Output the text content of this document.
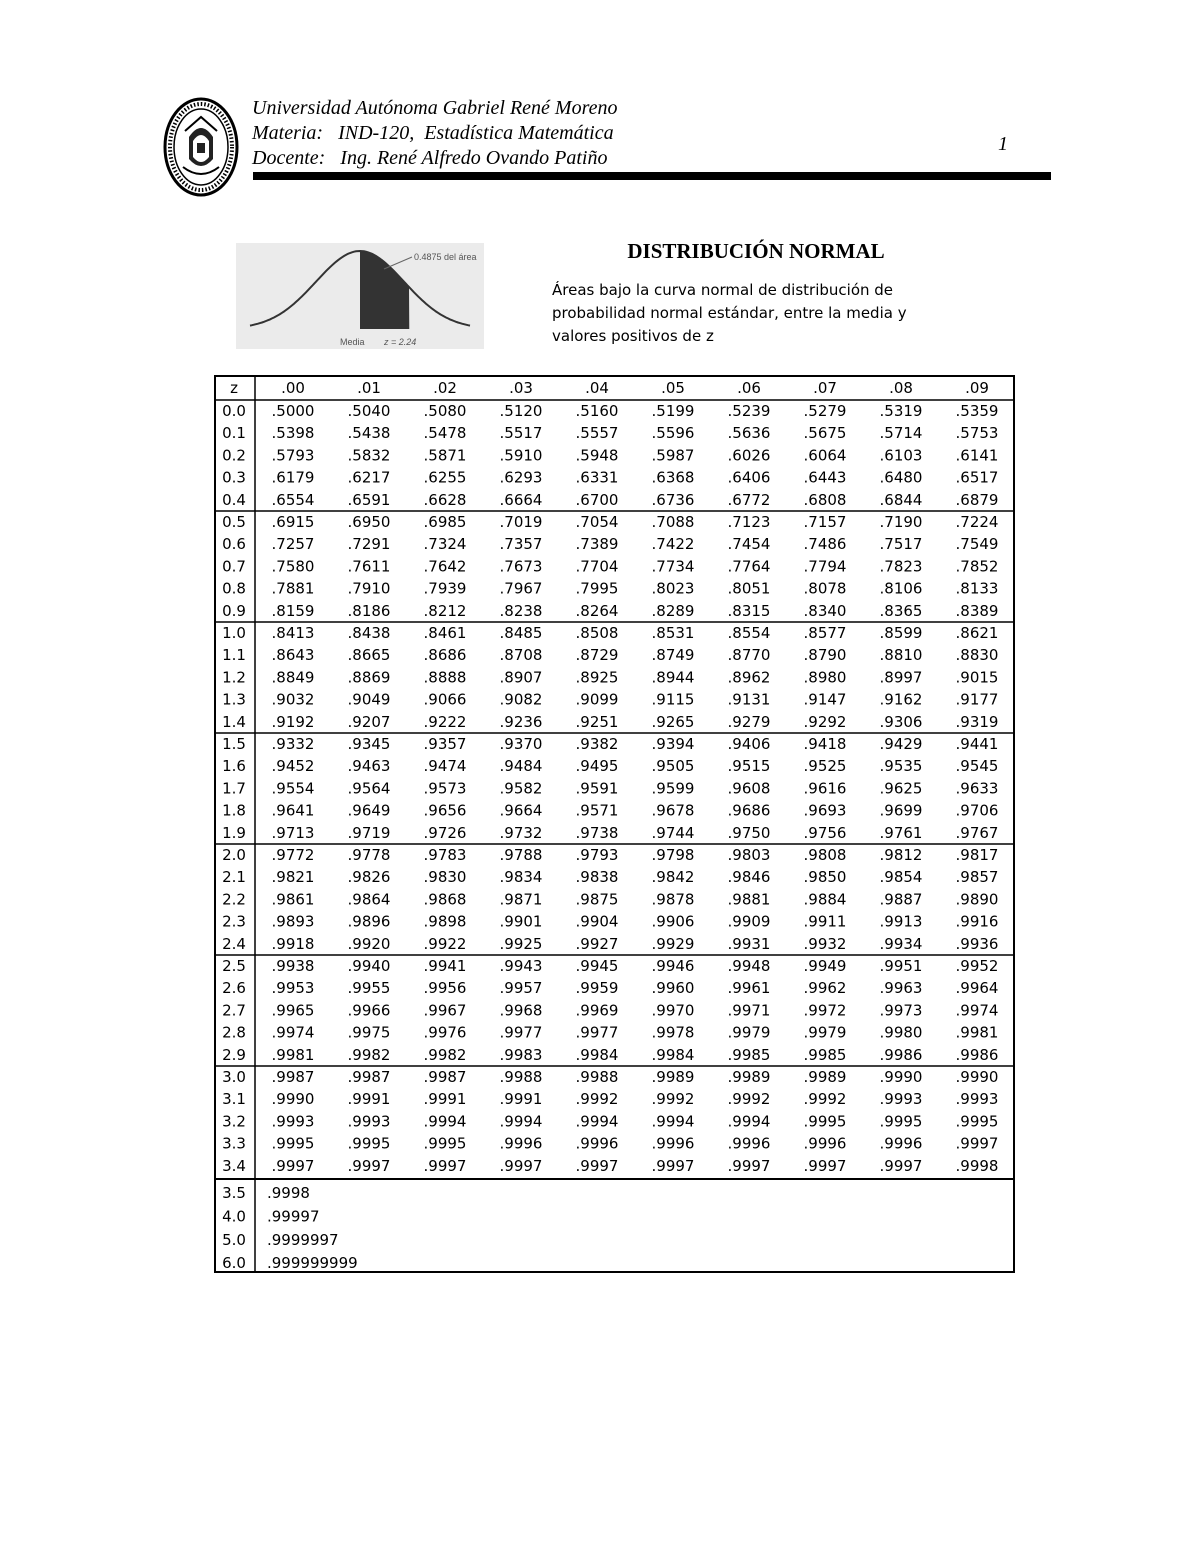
Universidad Autónoma Gabriel René Moreno
Materia:   IND-120,  Estadística Matemática
Docente:   Ing. René Alfredo Ovando Patiño
1
0.4875 del área
Media z = 2.24
DISTRIBUCIÓN NORMAL
Áreas bajo la curva normal de distribución de probabilidad normal estándar, entre la media y valores positivos de z
z	.00	.01	.02	.03	.04	.05	.06	.07	.08	.09
0.0 .5000 .5040 .5080 .5120 .5160 .5199 .5239 .5279 .5319 .5359
0.1 .5398 .5438 .5478 .5517 .5557 .5596 .5636 .5675 .5714 .5753
0.2 .5793 .5832 .5871 .5910 .5948 .5987 .6026 .6064 .6103 .6141
0.3 .6179 .6217 .6255 .6293 .6331 .6368 .6406 .6443 .6480 .6517
0.4 .6554 .6591 .6628 .6664 .6700 .6736 .6772 .6808 .6844 .6879
0.5 .6915 .6950 .6985 .7019 .7054 .7088 .7123 .7157 .7190 .7224
0.6 .7257 .7291 .7324 .7357 .7389 .7422 .7454 .7486 .7517 .7549
0.7 .7580 .7611 .7642 .7673 .7704 .7734 .7764 .7794 .7823 .7852
0.8 .7881 .7910 .7939 .7967 .7995 .8023 .8051 .8078 .8106 .8133
0.9 .8159 .8186 .8212 .8238 .8264 .8289 .8315 .8340 .8365 .8389
1.0 .8413 .8438 .8461 .8485 .8508 .8531 .8554 .8577 .8599 .8621
1.1 .8643 .8665 .8686 .8708 .8729 .8749 .8770 .8790 .8810 .8830
1.2 .8849 .8869 .8888 .8907 .8925 .8944 .8962 .8980 .8997 .9015
1.3 .9032 .9049 .9066 .9082 .9099 .9115 .9131 .9147 .9162 .9177
1.4 .9192 .9207 .9222 .9236 .9251 .9265 .9279 .9292 .9306 .9319
1.5 .9332 .9345 .9357 .9370 .9382 .9394 .9406 .9418 .9429 .9441
1.6 .9452 .9463 .9474 .9484 .9495 .9505 .9515 .9525 .9535 .9545
1.7 .9554 .9564 .9573 .9582 .9591 .9599 .9608 .9616 .9625 .9633
1.8 .9641 .9649 .9656 .9664 .9571 .9678 .9686 .9693 .9699 .9706
1.9 .9713 .9719 .9726 .9732 .9738 .9744 .9750 .9756 .9761 .9767
2.0 .9772 .9778 .9783 .9788 .9793 .9798 .9803 .9808 .9812 .9817
2.1 .9821 .9826 .9830 .9834 .9838 .9842 .9846 .9850 .9854 .9857
2.2 .9861 .9864 .9868 .9871 .9875 .9878 .9881 .9884 .9887 .9890
2.3 .9893 .9896 .9898 .9901 .9904 .9906 .9909 .9911 .9913 .9916
2.4 .9918 .9920 .9922 .9925 .9927 .9929 .9931 .9932 .9934 .9936
2.5 .9938 .9940 .9941 .9943 .9945 .9946 .9948 .9949 .9951 .9952
2.6 .9953 .9955 .9956 .9957 .9959 .9960 .9961 .9962 .9963 .9964
2.7 .9965 .9966 .9967 .9968 .9969 .9970 .9971 .9972 .9973 .9974
2.8 .9974 .9975 .9976 .9977 .9977 .9978 .9979 .9979 .9980 .9981
2.9 .9981 .9982 .9982 .9983 .9984 .9984 .9985 .9985 .9986 .9986
3.0 .9987 .9987 .9987 .9988 .9988 .9989 .9989 .9989 .9990 .9990
3.1 .9990 .9991 .9991 .9991 .9992 .9992 .9992 .9992 .9993 .9993
3.2 .9993 .9993 .9994 .9994 .9994 .9994 .9994 .9995 .9995 .9995
3.3 .9995 .9995 .9995 .9996 .9996 .9996 .9996 .9996 .9996 .9997
3.4 .9997 .9997 .9997 .9997 .9997 .9997 .9997 .9997 .9997 .9998
3.5 .9998
4.0 .99997
5.0 .9999997
6.0 .999999999
